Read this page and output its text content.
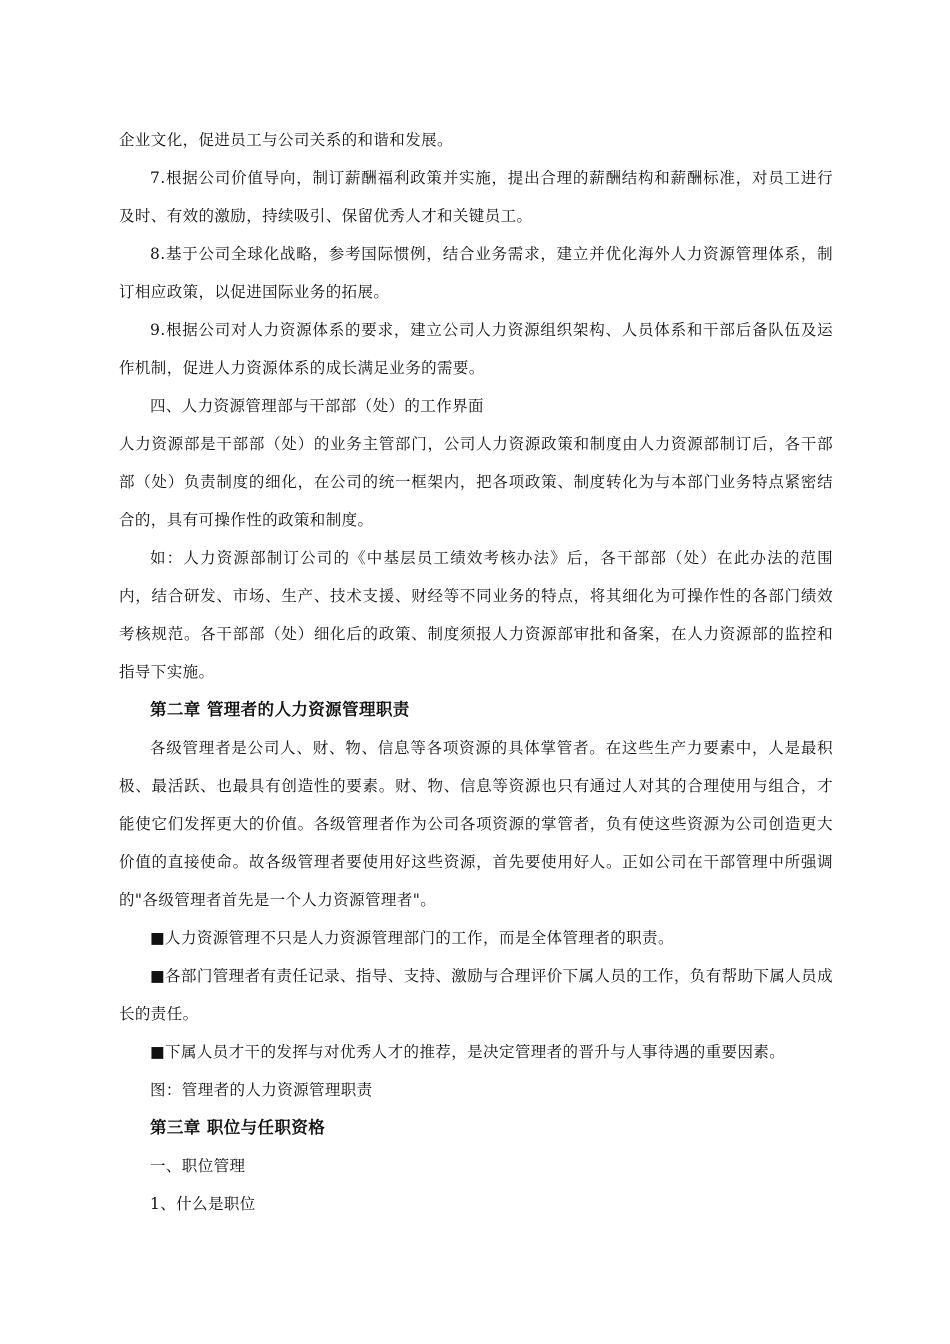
企业文化，促进员工与公司关系的和谐和发展。

7.根据公司价值导向，制订薪酬福利政策并实施，提出合理的薪酬结构和薪酬标准，对员工进行及时、有效的激励，持续吸引、保留优秀人才和关键员工。

8.基于公司全球化战略，参考国际惯例，结合业务需求，建立并优化海外人力资源管理体系，制订相应政策，以促进国际业务的拓展。

9.根据公司对人力资源体系的要求，建立公司人力资源组织架构、人员体系和干部后备队伍及运作机制，促进人力资源体系的成长满足业务的需要。

四、人力资源管理部与干部部（处）的工作界面

人力资源部是干部部（处）的业务主管部门，公司人力资源政策和制度由人力资源部制订后，各干部部（处）负责制度的细化，在公司的统一框架内，把各项政策、制度转化为与本部门业务特点紧密结合的，具有可操作性的政策和制度。

如：人力资源部制订公司的《中基层员工绩效考核办法》后，各干部部（处）在此办法的范围内，结合研发、市场、生产、技术支援、财经等不同业务的特点，将其细化为可操作性的各部门绩效考核规范。各干部部（处）细化后的政策、制度须报人力资源部审批和备案，在人力资源部的监控和指导下实施。

第二章 管理者的人力资源管理职责

各级管理者是公司人、财、物、信息等各项资源的具体掌管者。在这些生产力要素中，人是最积极、最活跃、也最具有创造性的要素。财、物、信息等资源也只有通过人对其的合理使用与组合，才能使它们发挥更大的价值。各级管理者作为公司各项资源的掌管者，负有使这些资源为公司创造更大价值的直接使命。故各级管理者要使用好这些资源，首先要使用好人。正如公司在干部管理中所强调的"各级管理者首先是一个人力资源管理者"。

■人力资源管理不只是人力资源管理部门的工作，而是全体管理者的职责。

■各部门管理者有责任记录、指导、支持、激励与合理评价下属人员的工作，负有帮助下属人员成长的责任。

■下属人员才干的发挥与对优秀人才的推荐，是决定管理者的晋升与人事待遇的重要因素。

图：管理者的人力资源管理职责

第三章 职位与任职资格

一、职位管理

1、什么是职位
